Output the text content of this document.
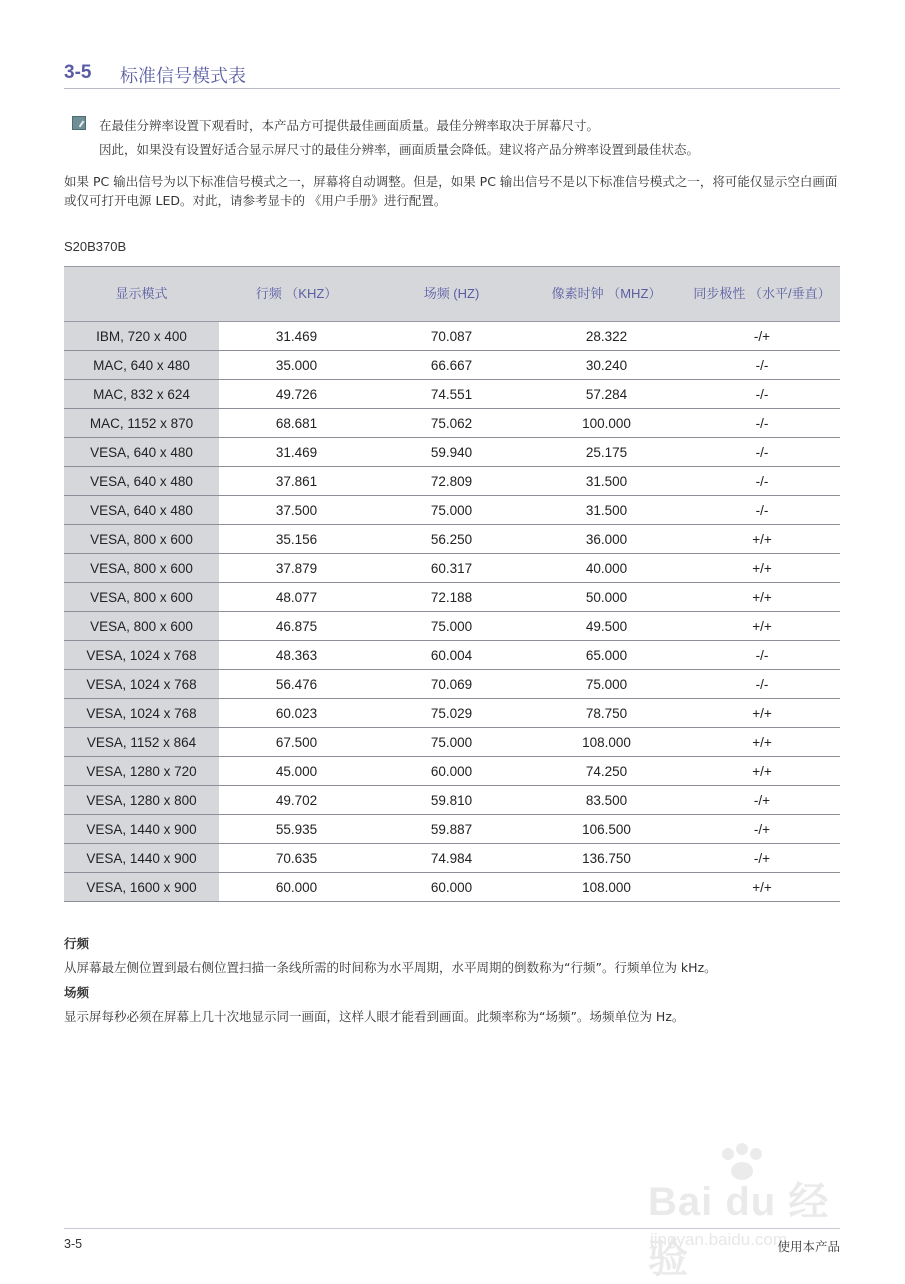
3-5 标准信号模式表
在最佳分辨率设置下观看时，本产品方可提供最佳画面质量。最佳分辨率取决于屏幕尺寸。
因此，如果没有设置好适合显示屏尺寸的最佳分辨率，画面质量会降低。建议将产品分辨率设置到最佳状态。
如果 PC 输出信号为以下标准信号模式之一，屏幕将自动调整。但是，如果 PC 输出信号不是以下标准信号模式之一，将可能仅显示空白画面或仅可打开电源 LED。对此，请参考显卡的 《用户手册》进行配置。
S20B370B
显示模式	行频 （KHZ）	场频 (HZ)	像素时钟 （MHZ）	同步极性 （水平/垂直）
IBM, 720 x 400	31.469	70.087	28.322	-/+
MAC, 640 x 480	35.000	66.667	30.240	-/-
MAC, 832 x 624	49.726	74.551	57.284	-/-
MAC, 1152 x 870	68.681	75.062	100.000	-/-
VESA, 640 x 480	31.469	59.940	25.175	-/-
VESA, 640 x 480	37.861	72.809	31.500	-/-
VESA, 640 x 480	37.500	75.000	31.500	-/-
VESA, 800 x 600	35.156	56.250	36.000	+/+
VESA, 800 x 600	37.879	60.317	40.000	+/+
VESA, 800 x 600	48.077	72.188	50.000	+/+
VESA, 800 x 600	46.875	75.000	49.500	+/+
VESA, 1024 x 768	48.363	60.004	65.000	-/-
VESA, 1024 x 768	56.476	70.069	75.000	-/-
VESA, 1024 x 768	60.023	75.029	78.750	+/+
VESA, 1152 x 864	67.500	75.000	108.000	+/+
VESA, 1280 x 720	45.000	60.000	74.250	+/+
VESA, 1280 x 800	49.702	59.810	83.500	-/+
VESA, 1440 x 900	55.935	59.887	106.500	-/+
VESA, 1440 x 900	70.635	74.984	136.750	-/+
VESA, 1600 x 900	60.000	60.000	108.000	+/+
行频
从屏幕最左侧位置到最右侧位置扫描一条线所需的时间称为水平周期，水平周期的倒数称为“行频”。行频单位为 kHz。
场频
显示屏每秒必须在屏幕上几十次地显示同一画面，这样人眼才能看到画面。此频率称为“场频”。场频单位为 Hz。
Bai du 经验
jingyan.baidu.com
3-5	使用本产品
